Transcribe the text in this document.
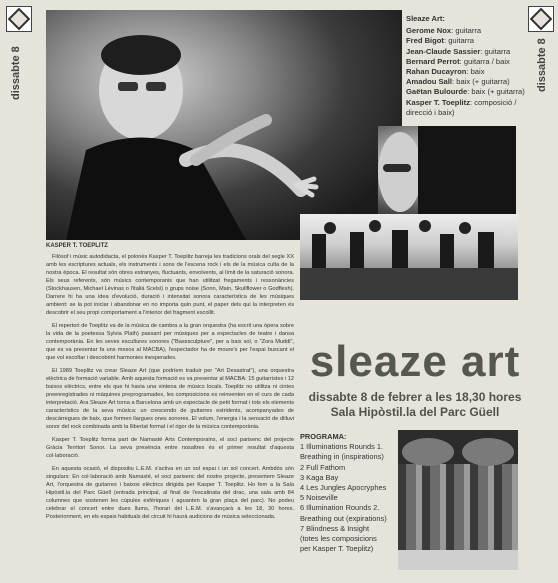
dissabte 8	dissabte 8
Sleaze Art:
Gerome Nox: guitarra
Fred Bigot: guitarra
Jean-Claude Sassier: guitarra
Bernard Perrot: guitarra / baix
Rahan Ducayron: baix
Amadou Sall: baix (+ guitarra)
Gaëtan Bulourde: baix (+ guitarra)
Kasper T. Toeplitz: composició / direcció i baix)
KASPER T. TOEPLITZ

Filòsof i músic autodidacta, el polonès Kasper T. Toeplitz barreja les tradicions orals del segle XX amb les escriptures actuals, els instruments i sons de l'escena rock i els de la música culta de la nostra època. El resultat són obres estranyes, fluctuants, envolvents, al límit de la saturació sonora. Els seus referents, són músics contemporanis que han utilitzat fregaments i ressonàncies (Stockhausen, Michael Lévinas o l'italià Scelsi) o grups noise (Sonn, Main, Skullflower o Godflesh). Darrere hi ha una idea d'evolució, duració i intensitat sonora característica de les músiques ambient: se la pot iniciar i abandonar en no importa quin punt, el paper dels qui la interpreten és descobrir el seu propi comportament a l'interior del fragment escollit.

El repertori de Toeplitz va de la música de cambra a la gran orquestra (ha escrit una òpera sobre la vida de la poetessa Sylvia Plath) passant per músiques per a espectacles de teatre i dansa contemporània. En les seves escultures sonores ("Basssculpture", per a baix sol, o "Zora Muddi", que es va presentar fa uns mesos al MACBA), l'espectador ha de moure's per l'espai buscant el que vol escoltar i descobrint harmonies inesperades.

El 1989 Toeplitz va crear Sleaze Art (que podríem traduir per "Art Desastrat"), una orquestra elèctrica de formació variable. Amb aquesta formació es va presentar al MACBA: 15 guitarristes i 12 baixos elèctrics, entre els que hi havia una vintena de músics locals. Toeplitz no utilitza ni cintes preenregistrades ni màquines preprogramades, les composicions es reinventen en el curs de cada interpretació. Ara Sleaze Art torna a Barcelona amb un espectacle de petit format i tots els elements característics de la seva música: un crescendo de guitarres estridents, acompanyades de descàrregues de baix, que formen llargues ones sonores. El volum, l'energia i la sensació de dilluvi sonor del rock combinada amb la llibertat formal i el rigor de la música contemporània.

Kasper T. Toeplitz forma part de Namasté Arts Contemporains, el soci parisenc del projecte Gràcia Territori Sonor. La seva presència entre nosaltres és el primer resultat d'aquesta col·laboració.

En aquesta ocasió, el dispositiu L.E.M. s'activa en un sol espai i un sol concert. Ambdós són singulars: En col·laboració amb Namasté, el soci parisenc del nostre projecte, presentem Sleaze Art, l'orquestra de guitarres i baixos elèctrics dirigida per Kasper T. Toeplitz. Ho fem a la Sala Hipòstil.la del Parc Güell (entrada principal, al final de l'escalinata del drac, una sala amb 84 columnes que sostenen les cúpules esfèriques i aguanten la gran plaça del parc). No podeu celebrar el concert entre dues llums, l'horari del L.E.M. s'avançarà a les 18, 30 hores. Posteriorment, en els espais habituals del circuit hi haurà audicions de música seleccionada.

sleaze art
dissabte 8 de febrer a les 18,30 hores
Sala Hipòstil.la del Parc Güell
PROGRAMA:
1 Illuminations Rounds 1.
Breathing in (inspirations)
2 Full Fathom
3 Kaga Bay
4 Les Jungles Apocryphes
5 Noiseville
6 Illumination Rounds 2.
Breathing out (expirations)
7 Blindness & Insight
(totes les composicions
per Kasper T. Toeplitz)
